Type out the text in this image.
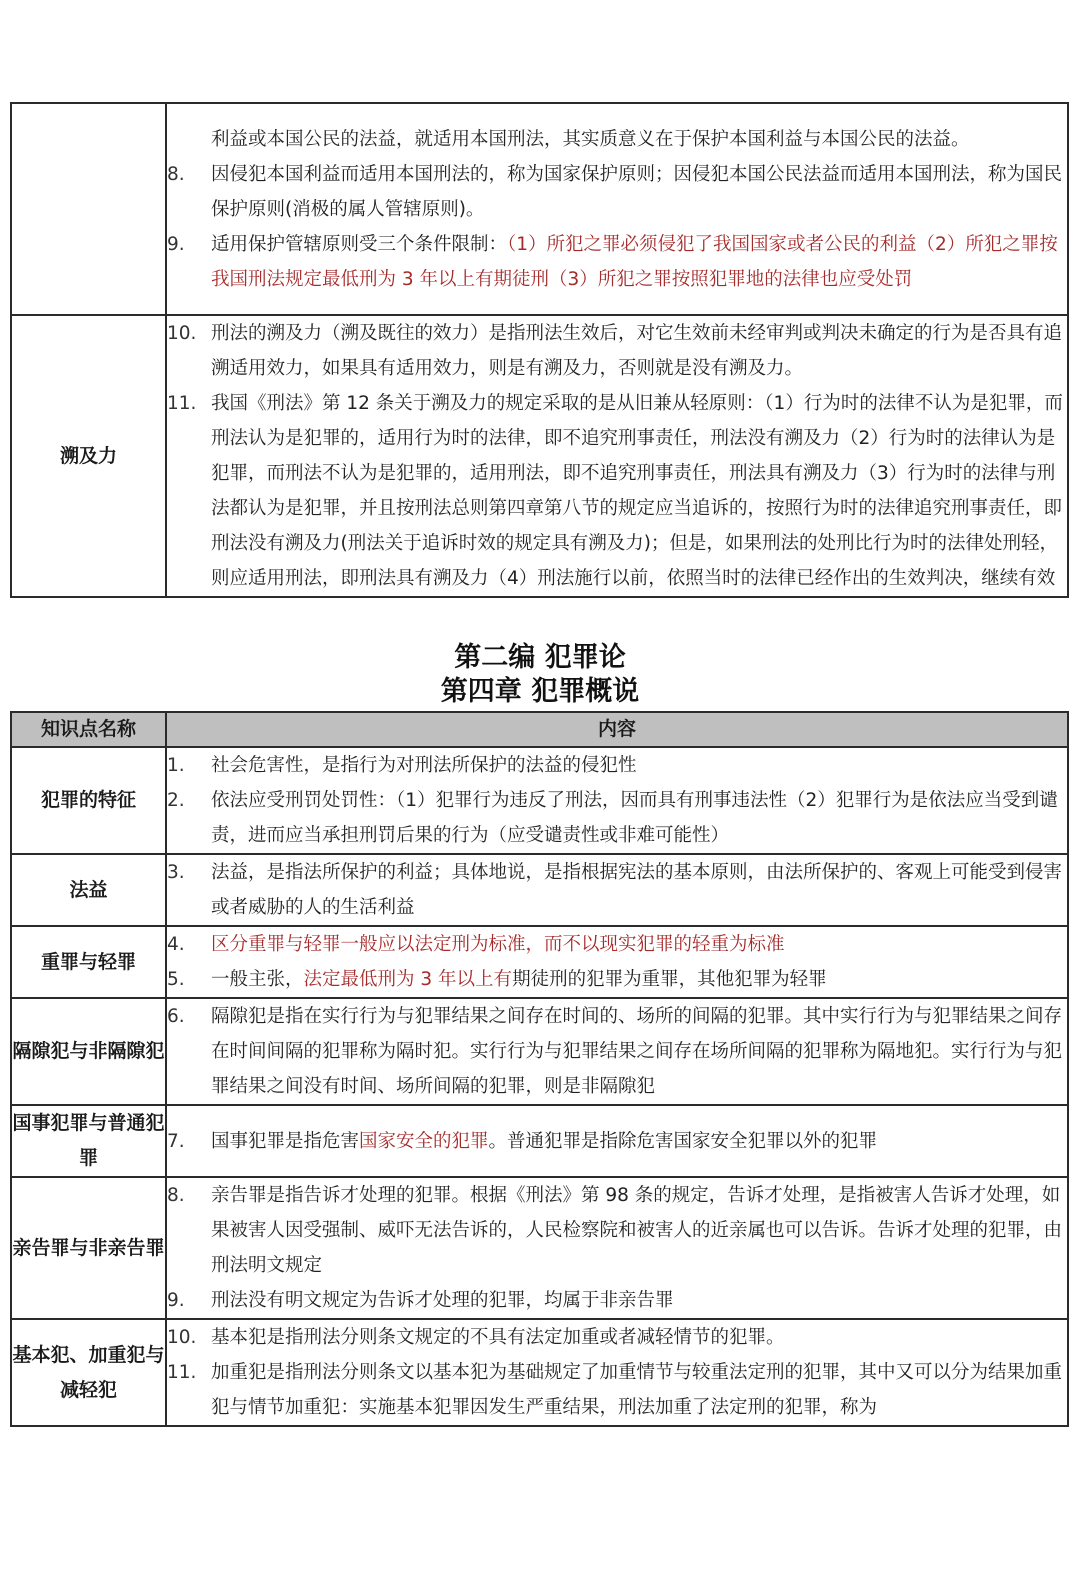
	利益或本国公民的法益，就适用本国刑法，其实质意义在于保护本国利益与本国公民的法益。
8. 因侵犯本国利益而适用本国刑法的，称为国家保护原则；因侵犯本国公民法益而适用本国刑法，称为国民保护原则(消极的属人管辖原则)。
9. 适用保护管辖原则受三个条件限制：（1）所犯之罪必须侵犯了我国国家或者公民的利益（2）所犯之罪按我国刑法规定最低刑为 3 年以上有期徒刑（3）所犯之罪按照犯罪地的法律也应受处罚

溯及力	10. 刑法的溯及力（溯及既往的效力）是指刑法生效后，对它生效前未经审判或判决未确定的行为是否具有追溯适用效力，如果具有适用效力，则是有溯及力，否则就是没有溯及力。
11. 我国《刑法》第 12 条关于溯及力的规定采取的是从旧兼从轻原则：（1）行为时的法律不认为是犯罪，而刑法认为是犯罪的，适用行为时的法律，即不追究刑事责任，刑法没有溯及力（2）行为时的法律认为是犯罪，而刑法不认为是犯罪的，适用刑法，即不追究刑事责任，刑法具有溯及力（3）行为时的法律与刑法都认为是犯罪，并且按刑法总则第四章第八节的规定应当追诉的，按照行为时的法律追究刑事责任，即刑法没有溯及力(刑法关于追诉时效的规定具有溯及力)；但是，如果刑法的处刑比行为时的法律处刑轻，则应适用刑法，即刑法具有溯及力（4）刑法施行以前，依照当时的法律已经作出的生效判决，继续有效
第二编 犯罪论
第四章 犯罪概说
知识点名称	内容
犯罪的特征	1. 社会危害性，是指行为对刑法所保护的法益的侵犯性
2. 依法应受刑罚处罚性：（1）犯罪行为违反了刑法，因而具有刑事违法性（2）犯罪行为是依法应当受到谴责，进而应当承担刑罚后果的行为（应受谴责性或非难可能性）

法益	3. 法益，是指法所保护的利益；具体地说，是指根据宪法的基本原则，由法所保护的、客观上可能受到侵害或者威胁的人的生活利益

重罪与轻罪	4. 区分重罪与轻罪一般应以法定刑为标准，而不以现实犯罪的轻重为标准
5. 一般主张，法定最低刑为 3 年以上有期徒刑的犯罪为重罪，其他犯罪为轻罪

隔隙犯与非隔隙犯	6. 隔隙犯是指在实行行为与犯罪结果之间存在时间的、场所的间隔的犯罪。其中实行行为与犯罪结果之间存在时间间隔的犯罪称为隔时犯。实行行为与犯罪结果之间存在场所间隔的犯罪称为隔地犯。实行行为与犯罪结果之间没有时间、场所间隔的犯罪，则是非隔隙犯

国事犯罪与普通犯罪	7. 国事犯罪是指危害国家安全的犯罪。普通犯罪是指除危害国家安全犯罪以外的犯罪

亲告罪与非亲告罪	8. 亲告罪是指告诉才处理的犯罪。根据《刑法》第 98 条的规定，告诉才处理，是指被害人告诉才处理，如果被害人因受强制、威吓无法告诉的，人民检察院和被害人的近亲属也可以告诉。告诉才处理的犯罪，由刑法明文规定
9. 刑法没有明文规定为告诉才处理的犯罪，均属于非亲告罪

基本犯、加重犯与减轻犯	10. 基本犯是指刑法分则条文规定的不具有法定加重或者减轻情节的犯罪。
11. 加重犯是指刑法分则条文以基本犯为基础规定了加重情节与较重法定刑的犯罪，其中又可以分为结果加重犯与情节加重犯：实施基本犯罪因发生严重结果，刑法加重了法定刑的犯罪，称为
